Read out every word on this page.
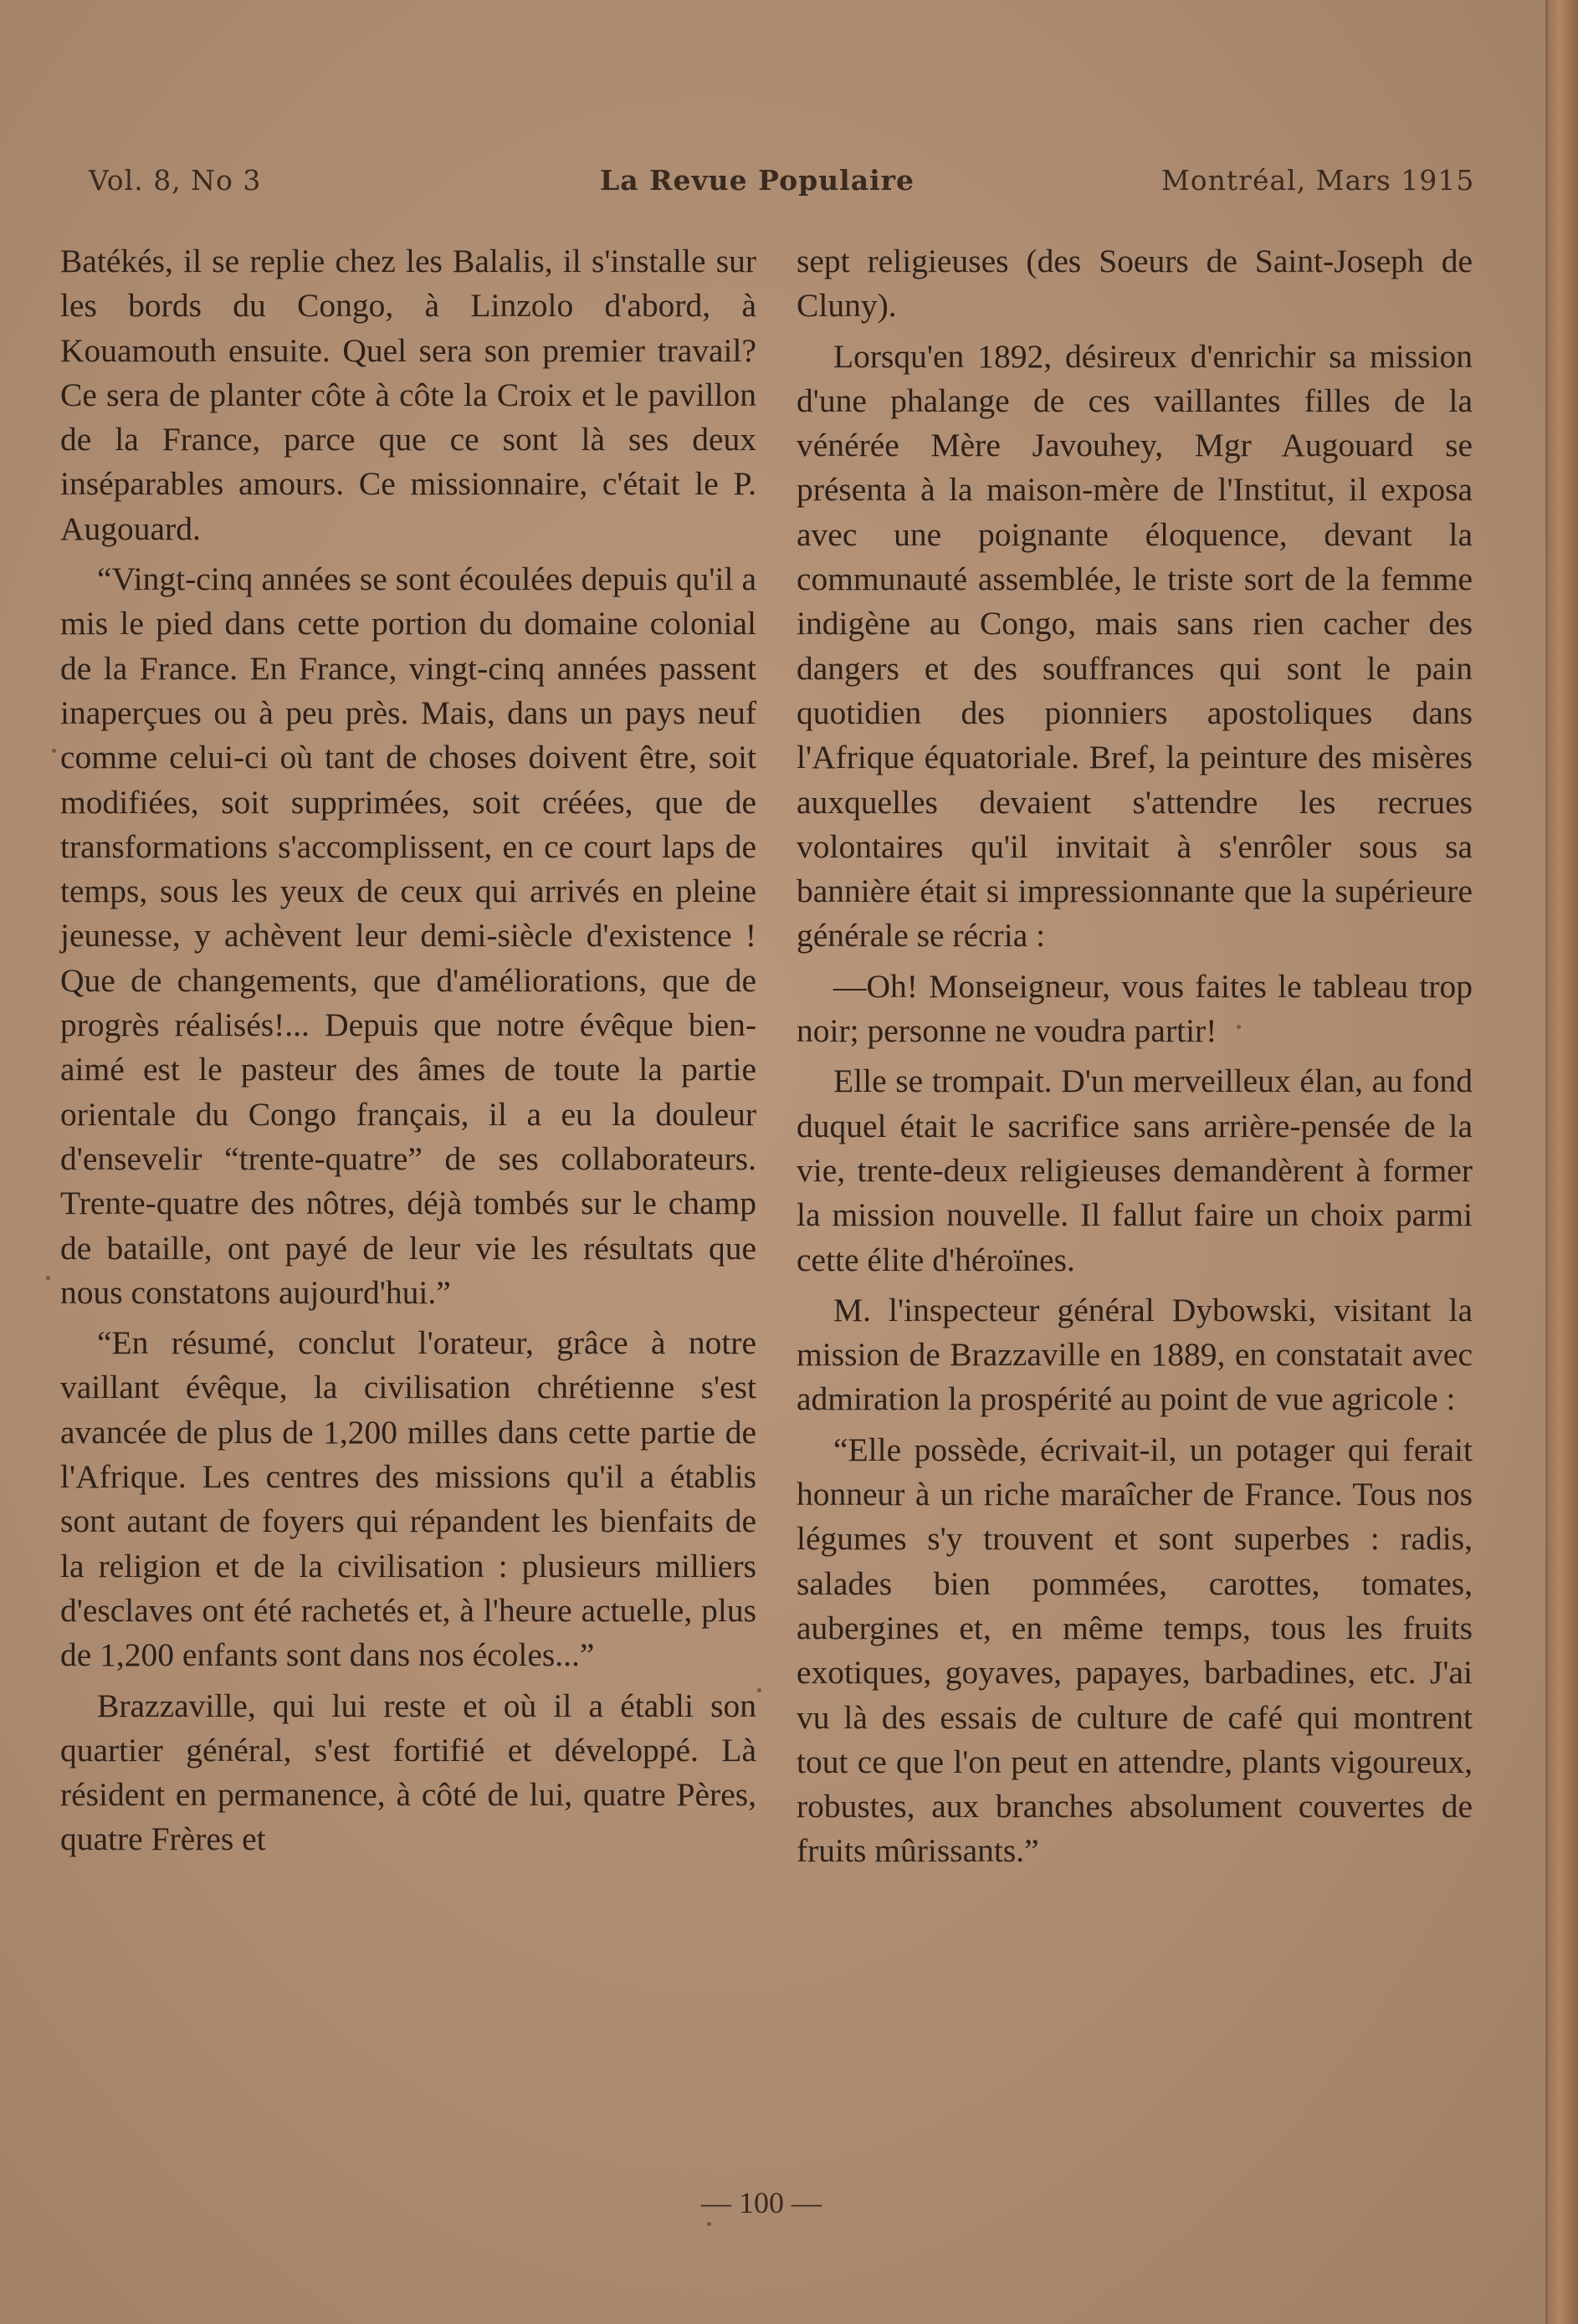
Vol. 8, No 3	La Revue Populaire	Montréal, Mars 1915

Batékés, il se replie chez les Balalis, il s'installe sur les bords du Congo, à Linzolo d'abord, à Kouamouth ensuite. Quel sera son premier travail? Ce sera de planter côte à côte la Croix et le pavillon de la France, parce que ce sont là ses deux inséparables amours. Ce missionnaire, c'était le P. Augouard.

“Vingt-cinq années se sont écoulées depuis qu'il a mis le pied dans cette portion du domaine colonial de la France. En France, vingt-cinq années passent inaperçues ou à peu près. Mais, dans un pays neuf comme celui-ci où tant de choses doivent être, soit modifiées, soit supprimées, soit créées, que de transformations s'accomplissent, en ce court laps de temps, sous les yeux de ceux qui arrivés en pleine jeunesse, y achèvent leur demi-siècle d'existence ! Que de changements, que d'améliorations, que de progrès réalisés!... Depuis que notre évêque bien-aimé est le pasteur des âmes de toute la partie orientale du Congo français, il a eu la douleur d'ensevelir “trente-quatre” de ses collaborateurs. Trente-quatre des nôtres, déjà tombés sur le champ de bataille, ont payé de leur vie les résultats que nous constatons aujourd'hui.”

“En résumé, conclut l'orateur, grâce à notre vaillant évêque, la civilisation chrétienne s'est avancée de plus de 1,200 milles dans cette partie de l'Afrique. Les centres des missions qu'il a établis sont autant de foyers qui répandent les bienfaits de la religion et de la civilisation : plusieurs milliers d'esclaves ont été rachetés et, à l'heure actuelle, plus de 1,200 enfants sont dans nos écoles...”

Brazzaville, qui lui reste et où il a établi son quartier général, s'est fortifié et développé. Là résident en permanence, à côté de lui, quatre Pères, quatre Frères et

sept religieuses (des Soeurs de Saint-Joseph de Cluny).

Lorsqu'en 1892, désireux d'enrichir sa mission d'une phalange de ces vaillantes filles de la vénérée Mère Javouhey, Mgr Augouard se présenta à la maison-mère de l'Institut, il exposa avec une poignante éloquence, devant la communauté assemblée, le triste sort de la femme indigène au Congo, mais sans rien cacher des dangers et des souffrances qui sont le pain quotidien des pionniers apostoliques dans l'Afrique équatoriale. Bref, la peinture des misères auxquelles devaient s'attendre les recrues volontaires qu'il invitait à s'enrôler sous sa bannière était si impressionnante que la supérieure générale se récria :

—Oh! Monseigneur, vous faites le tableau trop noir; personne ne voudra partir!

Elle se trompait. D'un merveilleux élan, au fond duquel était le sacrifice sans arrière-pensée de la vie, trente-deux religieuses demandèrent à former la mission nouvelle. Il fallut faire un choix parmi cette élite d'héroïnes.

M. l'inspecteur général Dybowski, visitant la mission de Brazzaville en 1889, en constatait avec admiration la prospérité au point de vue agricole :

“Elle possède, écrivait-il, un potager qui ferait honneur à un riche maraîcher de France. Tous nos légumes s'y trouvent et sont superbes : radis, salades bien pommées, carottes, tomates, aubergines et, en même temps, tous les fruits exotiques, goyaves, papayes, barbadines, etc. J'ai vu là des essais de culture de café qui montrent tout ce que l'on peut en attendre, plants vigoureux, robustes, aux branches absolument couvertes de fruits mûrissants.”

— 100 —
